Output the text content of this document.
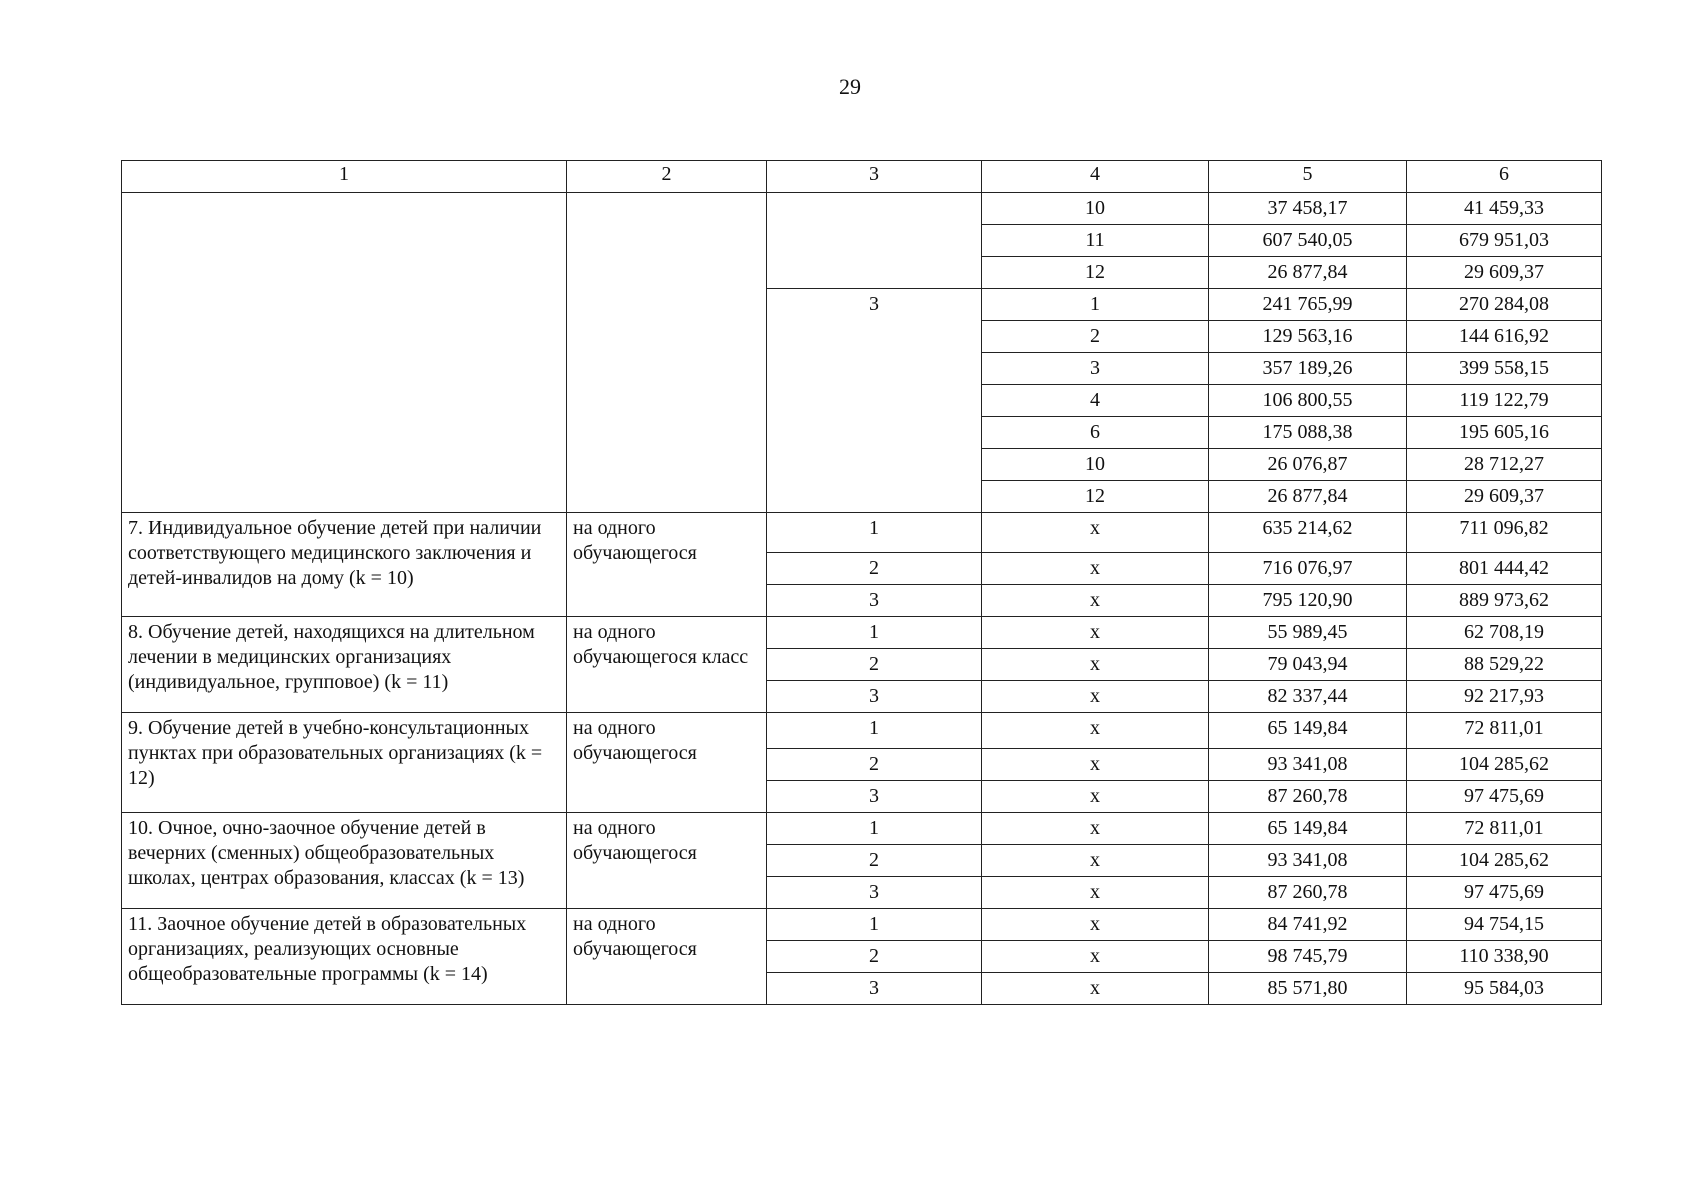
29
1	2	3	4	5	6
			10	37 458,17	41 459,33
			11	607 540,05	679 951,03
			12	26 877,84	29 609,37
		3	1	241 765,99	270 284,08
			2	129 563,16	144 616,92
			3	357 189,26	399 558,15
			4	106 800,55	119 122,79
			6	175 088,38	195 605,16
			10	26 076,87	28 712,27
			12	26 877,84	29 609,37
7. Индивидуальное обучение детей при наличии соответствующего медицинского заключения и детей-инвалидов на дому (k = 10)	на одного обучающегося	1	х	635 214,62	711 096,82
		2	х	716 076,97	801 444,42
		3	х	795 120,90	889 973,62
8. Обучение детей, находящихся на длительном лечении в медицинских организациях (индивидуальное, групповое) (k = 11)	на одного обучающегося класс	1	х	55 989,45	62 708,19
		2	х	79 043,94	88 529,22
		3	х	82 337,44	92 217,93
9. Обучение детей в учебно-консультационных пунктах при образовательных организациях (k = 12)	на одного обучающегося	1	х	65 149,84	72 811,01
		2	х	93 341,08	104 285,62
		3	х	87 260,78	97 475,69
10. Очное, очно-заочное обучение детей в вечерних (сменных) общеобразовательных школах, центрах образования, классах (k = 13)	на одного обучающегося	1	х	65 149,84	72 811,01
		2	х	93 341,08	104 285,62
		3	х	87 260,78	97 475,69
11. Заочное обучение детей в образовательных организациях, реализующих основные общеобразовательные программы (k = 14)	на одного обучающегося	1	х	84 741,92	94 754,15
		2	х	98 745,79	110 338,90
		3	х	85 571,80	95 584,03
